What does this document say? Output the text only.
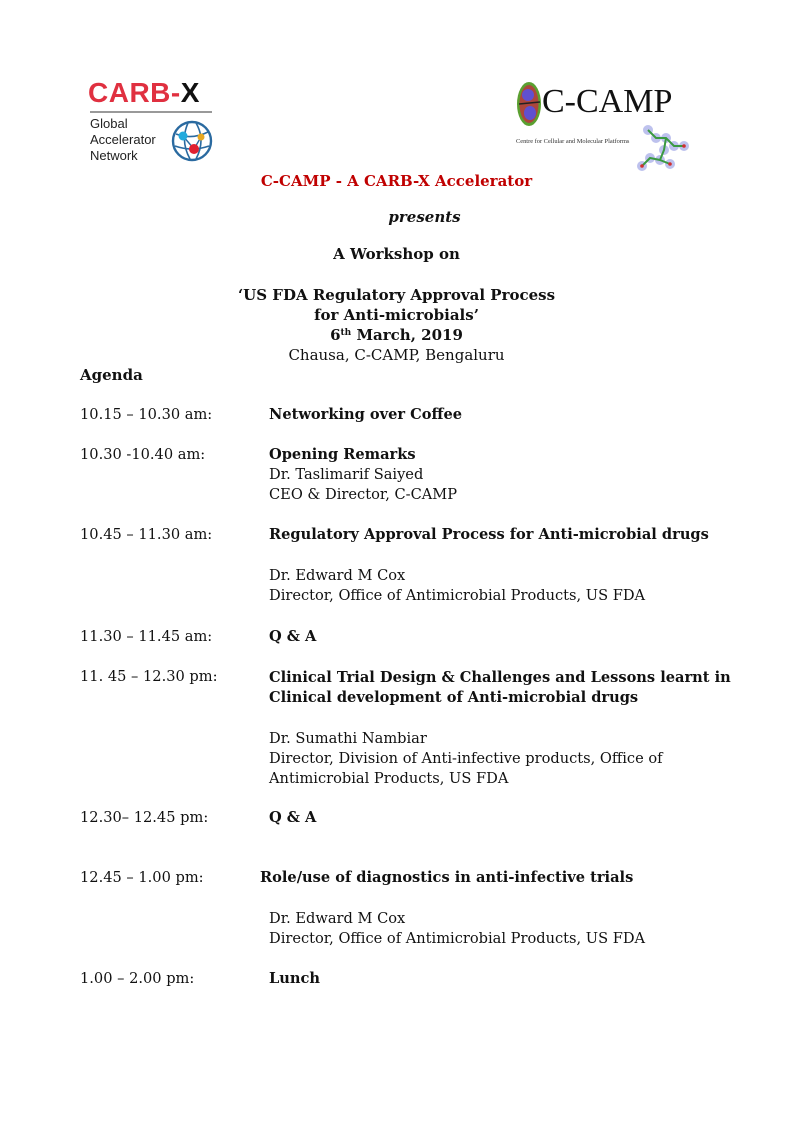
CARB-X
Global
Accelerator
Network
C-CAMP
Centre for Cellular and Molecular Platforms
C-CAMP - A CARB-X Accelerator
presents
A Workshop on
‘US FDA Regulatory Approval Process
for Anti-microbials’
6th March, 2019
Chausa, C-CAMP, Bengaluru
Agenda
10.15 – 10.30 am:	Networking over Coffee
10.30 -10.40 am:	Opening Remarks
Dr. Taslimarif Saiyed
CEO & Director, C-CAMP
10.45 – 11.30 am:	Regulatory Approval Process for Anti-microbial drugs
Dr. Edward M Cox
Director, Office of Antimicrobial Products, US FDA
11.30 – 11.45 am:	Q & A
11. 45 – 12.30 pm:	Clinical Trial Design & Challenges and Lessons learnt in
Clinical development of Anti-microbial drugs
Dr. Sumathi Nambiar
Director, Division of Anti-infective products, Office of
Antimicrobial Products, US FDA
12.30– 12.45 pm:	Q & A
12.45 – 1.00 pm:	Role/use of diagnostics in anti-infective trials
Dr. Edward M Cox
Director, Office of Antimicrobial Products, US FDA
1.00 – 2.00 pm:	Lunch
